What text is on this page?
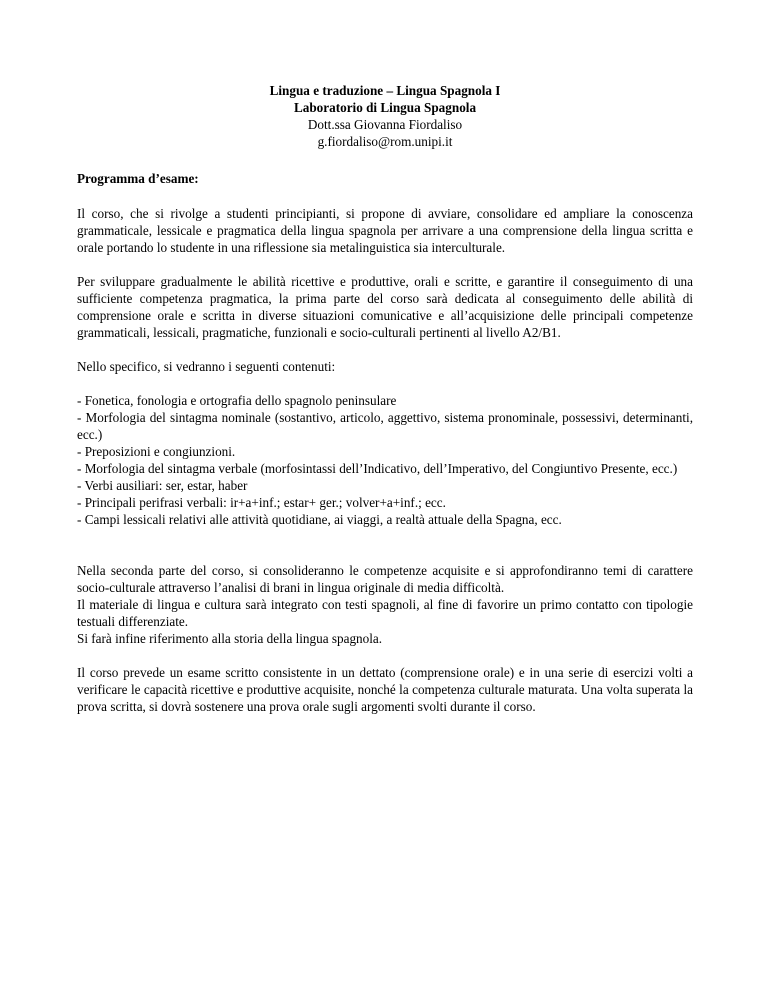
Lingua e traduzione – Lingua Spagnola I
Laboratorio di Lingua Spagnola
Dott.ssa Giovanna Fiordaliso
g.fiordaliso@rom.unipi.it
Programma d’esame:

Il corso, che si rivolge a studenti principianti, si propone di avviare, consolidare ed ampliare la conoscenza grammaticale, lessicale e pragmatica della lingua spagnola per arrivare a una comprensione della lingua scritta e orale portando lo studente in una riflessione sia metalinguistica sia interculturale.

Per sviluppare gradualmente le abilità ricettive e produttive, orali e scritte, e garantire il conseguimento di una sufficiente competenza pragmatica, la prima parte del corso sarà dedicata al conseguimento delle abilità di comprensione orale e scritta in diverse situazioni comunicative e all’acquisizione delle principali competenze grammaticali, lessicali, pragmatiche, funzionali e socio-culturali pertinenti al livello A2/B1.

Nello specifico, si vedranno i seguenti contenuti:

- Fonetica, fonologia e ortografia dello spagnolo peninsulare
- Morfologia del sintagma nominale (sostantivo, articolo, aggettivo, sistema pronominale, possessivi, determinanti, ecc.)
- Preposizioni e congiunzioni.
- Morfologia del sintagma verbale (morfosintassi dell’Indicativo, dell’Imperativo, del Congiuntivo Presente, ecc.)
- Verbi ausiliari: ser, estar, haber
- Principali perifrasi verbali: ir+a+inf.; estar+ ger.; volver+a+inf.; ecc.
- Campi lessicali relativi alle attività quotidiane, ai viaggi, a realtà attuale della Spagna, ecc.

Nella seconda parte del corso, si consolideranno le competenze acquisite e si approfondiranno temi di carattere socio-culturale attraverso l’analisi di brani in lingua originale di media difficoltà.

Il materiale di lingua e cultura sarà integrato con testi spagnoli, al fine di favorire un primo contatto con tipologie testuali differenziate.

Si farà infine riferimento alla storia della lingua spagnola.

Il corso prevede un esame scritto consistente in un dettato (comprensione orale) e in una serie di esercizi volti a verificare le capacità ricettive e produttive acquisite, nonché la competenza culturale maturata. Una volta superata la prova scritta, si dovrà sostenere una prova orale sugli argomenti svolti durante il corso.
